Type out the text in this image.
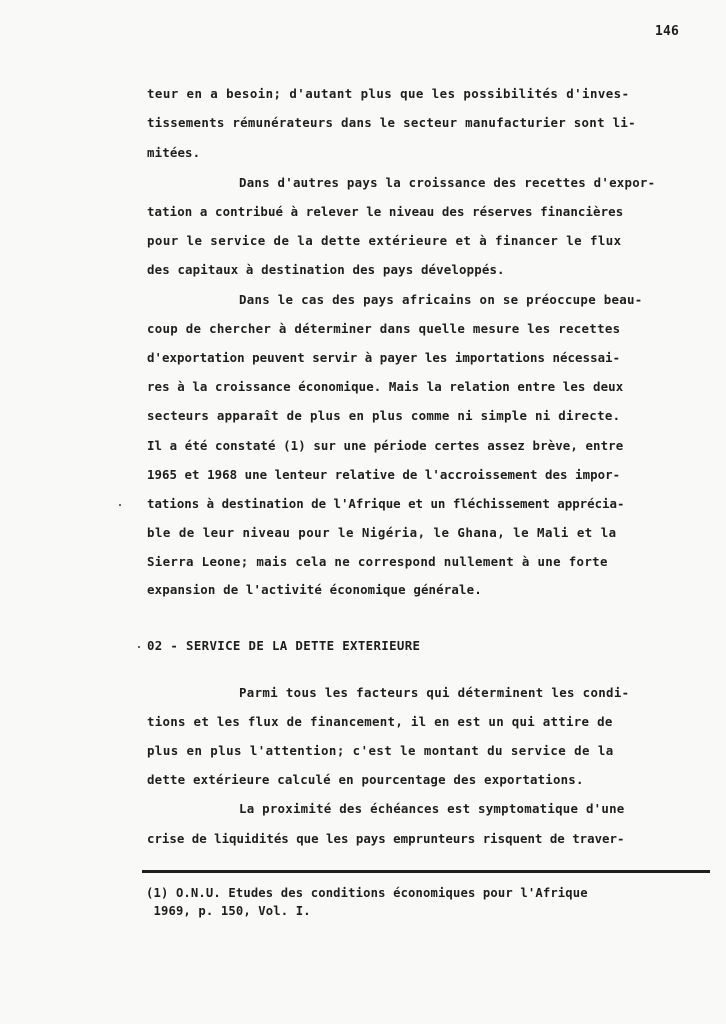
146
teur en a besoin; d'autant plus que les possibilités d'inves-
tissements rémunérateurs dans le secteur manufacturier sont li-
mitées.
Dans d'autres pays la croissance des recettes d'expor-
tation a contribué à relever le niveau des réserves financières
pour le service de la dette extérieure et à financer le flux
des capitaux à destination des pays développés.
Dans le cas des pays africains on se préoccupe beau-
coup de chercher à déterminer dans quelle mesure les recettes
d'exportation peuvent servir à payer les importations nécessai-
res à la croissance économique. Mais la relation entre les deux
secteurs apparaît de plus en plus comme ni simple ni directe.
Il a été constaté (1) sur une période certes assez brève, entre
1965 et 1968 une lenteur relative de l'accroissement des impor-
tations à destination de l'Afrique et un fléchissement apprécia-
ble de leur niveau pour le Nigéria, le Ghana, le Mali et la
Sierra Leone; mais cela ne correspond nullement à une forte
expansion de l'activité économique générale.
02 - SERVICE DE LA DETTE EXTERIEURE
Parmi tous les facteurs qui déterminent les condi-
tions et les flux de financement, il en est un qui attire de
plus en plus l'attention; c'est le montant du service de la
dette extérieure calculé en pourcentage des exportations.
La proximité des échéances est symptomatique d'une
crise de liquidités que les pays emprunteurs risquent de traver-
(1) O.N.U. Etudes des conditions économiques pour l'Afrique
1969, p. 150, Vol. I.
